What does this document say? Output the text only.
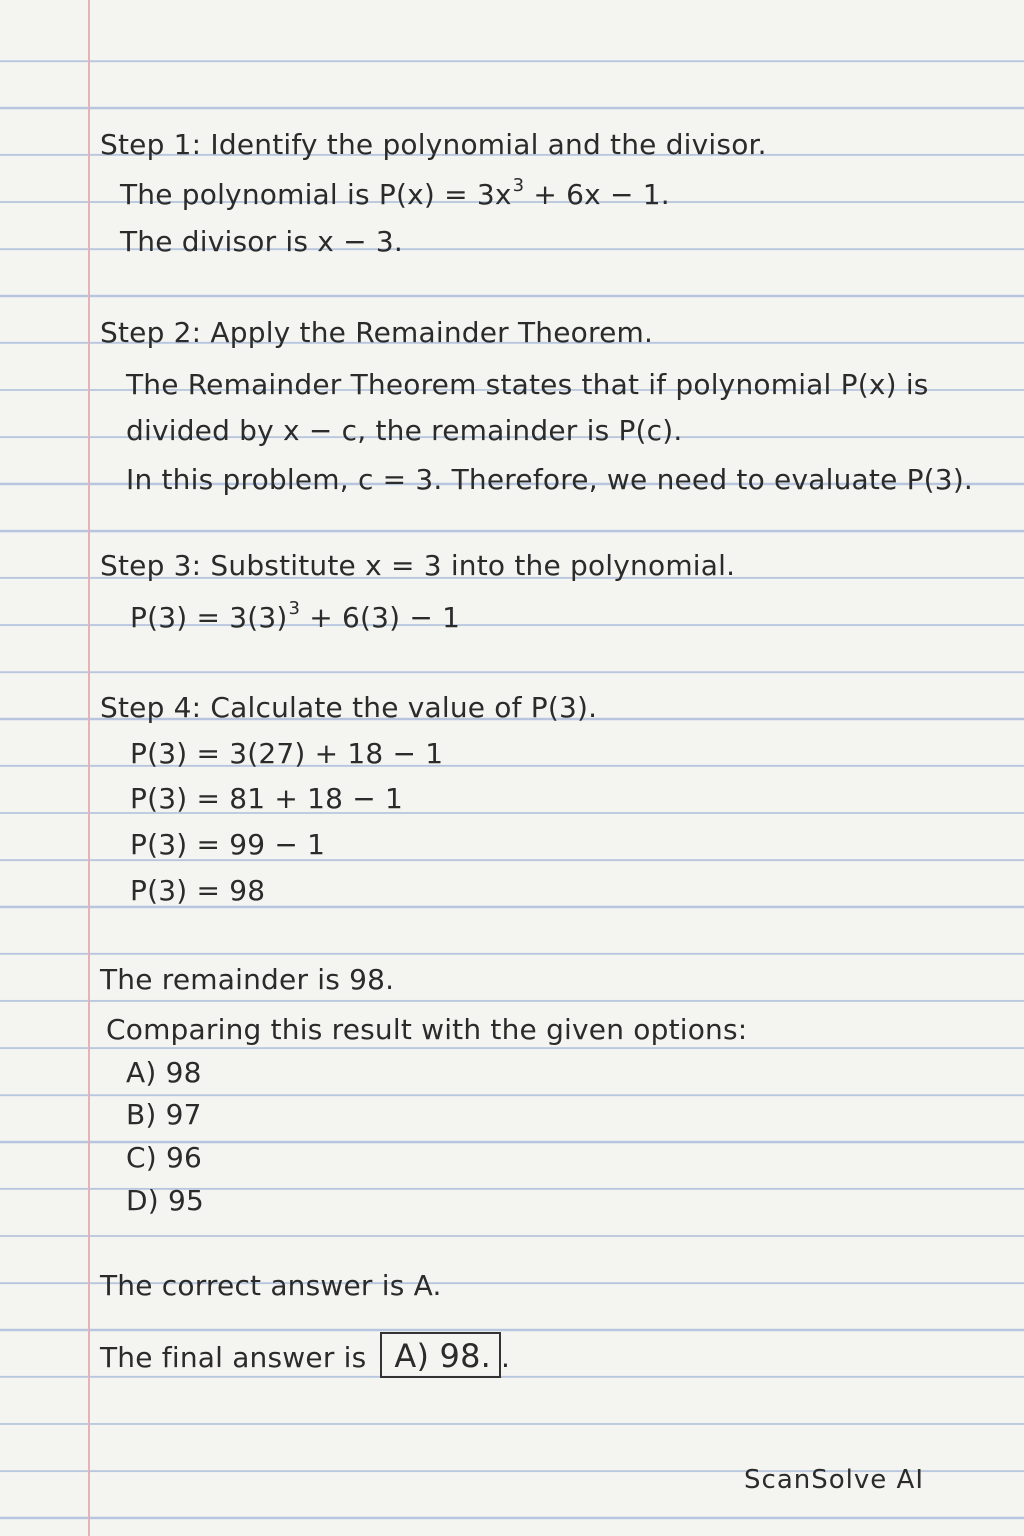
Step 1: Identify the polynomial and the divisor.
The polynomial is $P(x) = 3x^3 + 6x - 1$.
The divisor is x − 3.
Step 2: Apply the Remainder Theorem.
The Remainder Theorem states that if polynomial P(x) is
divided by x − c, the remainder is P(c).
In this problem, c = 3. Therefore, we need to evaluate P(3).
Step 3: Substitute x = 3 into the polynomial.
$P(3) = 3(3)^3 + 6(3) - 1$
Step 4: Calculate the value of P(3).
P(3) = 3(27) + 18 − 1
P(3) = 81 + 18 − 1
P(3) = 99 − 1
P(3) = 98
The remainder is 98.
Comparing this result with the given options:
A) 98
B) 97
C) 96
D) 95
The correct answer is A.
The final answer is A) 98. .
ScanSolve AI
